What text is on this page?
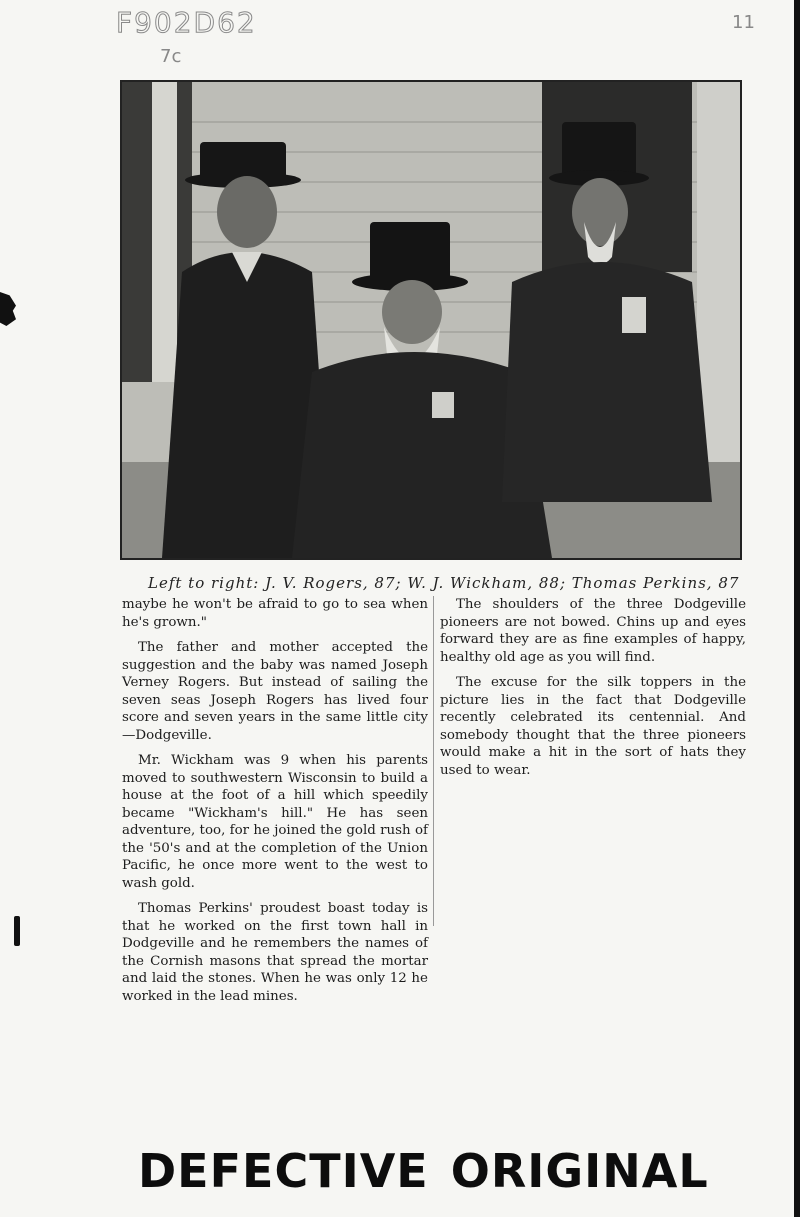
F902D62
7c
11
Left to right: J. V. Rogers, 87; W. J. Wickham, 88; Thomas Perkins, 87

maybe he won't be afraid to go to sea when he's grown."

The father and mother accepted the suggestion and the baby was named Joseph Verney Rogers. But instead of sailing the seven seas Joseph Rogers has lived four score and seven years in the same little city—Dodgeville.

Mr. Wickham was 9 when his parents moved to southwestern Wisconsin to build a house at the foot of a hill which speedily became "Wickham's hill." He has seen adventure, too, for he joined the gold rush of the '50's and at the completion of the Union Pacific, he once more went to the west to wash gold.

Thomas Perkins' proudest boast today is that he worked on the first town hall in Dodgeville and he remembers the names of the Cornish masons that spread the mortar and laid the stones. When he was only 12 he worked in the lead mines.

The shoulders of the three Dodgeville pioneers are not bowed. Chins up and eyes forward they are as fine examples of happy, healthy old age as you will find.

The excuse for the silk toppers in the picture lies in the fact that Dodgeville recently celebrated its centennial. And somebody thought that the three pioneers would make a hit in the sort of hats they used to wear.

DEFECTIVE ORIGINAL
